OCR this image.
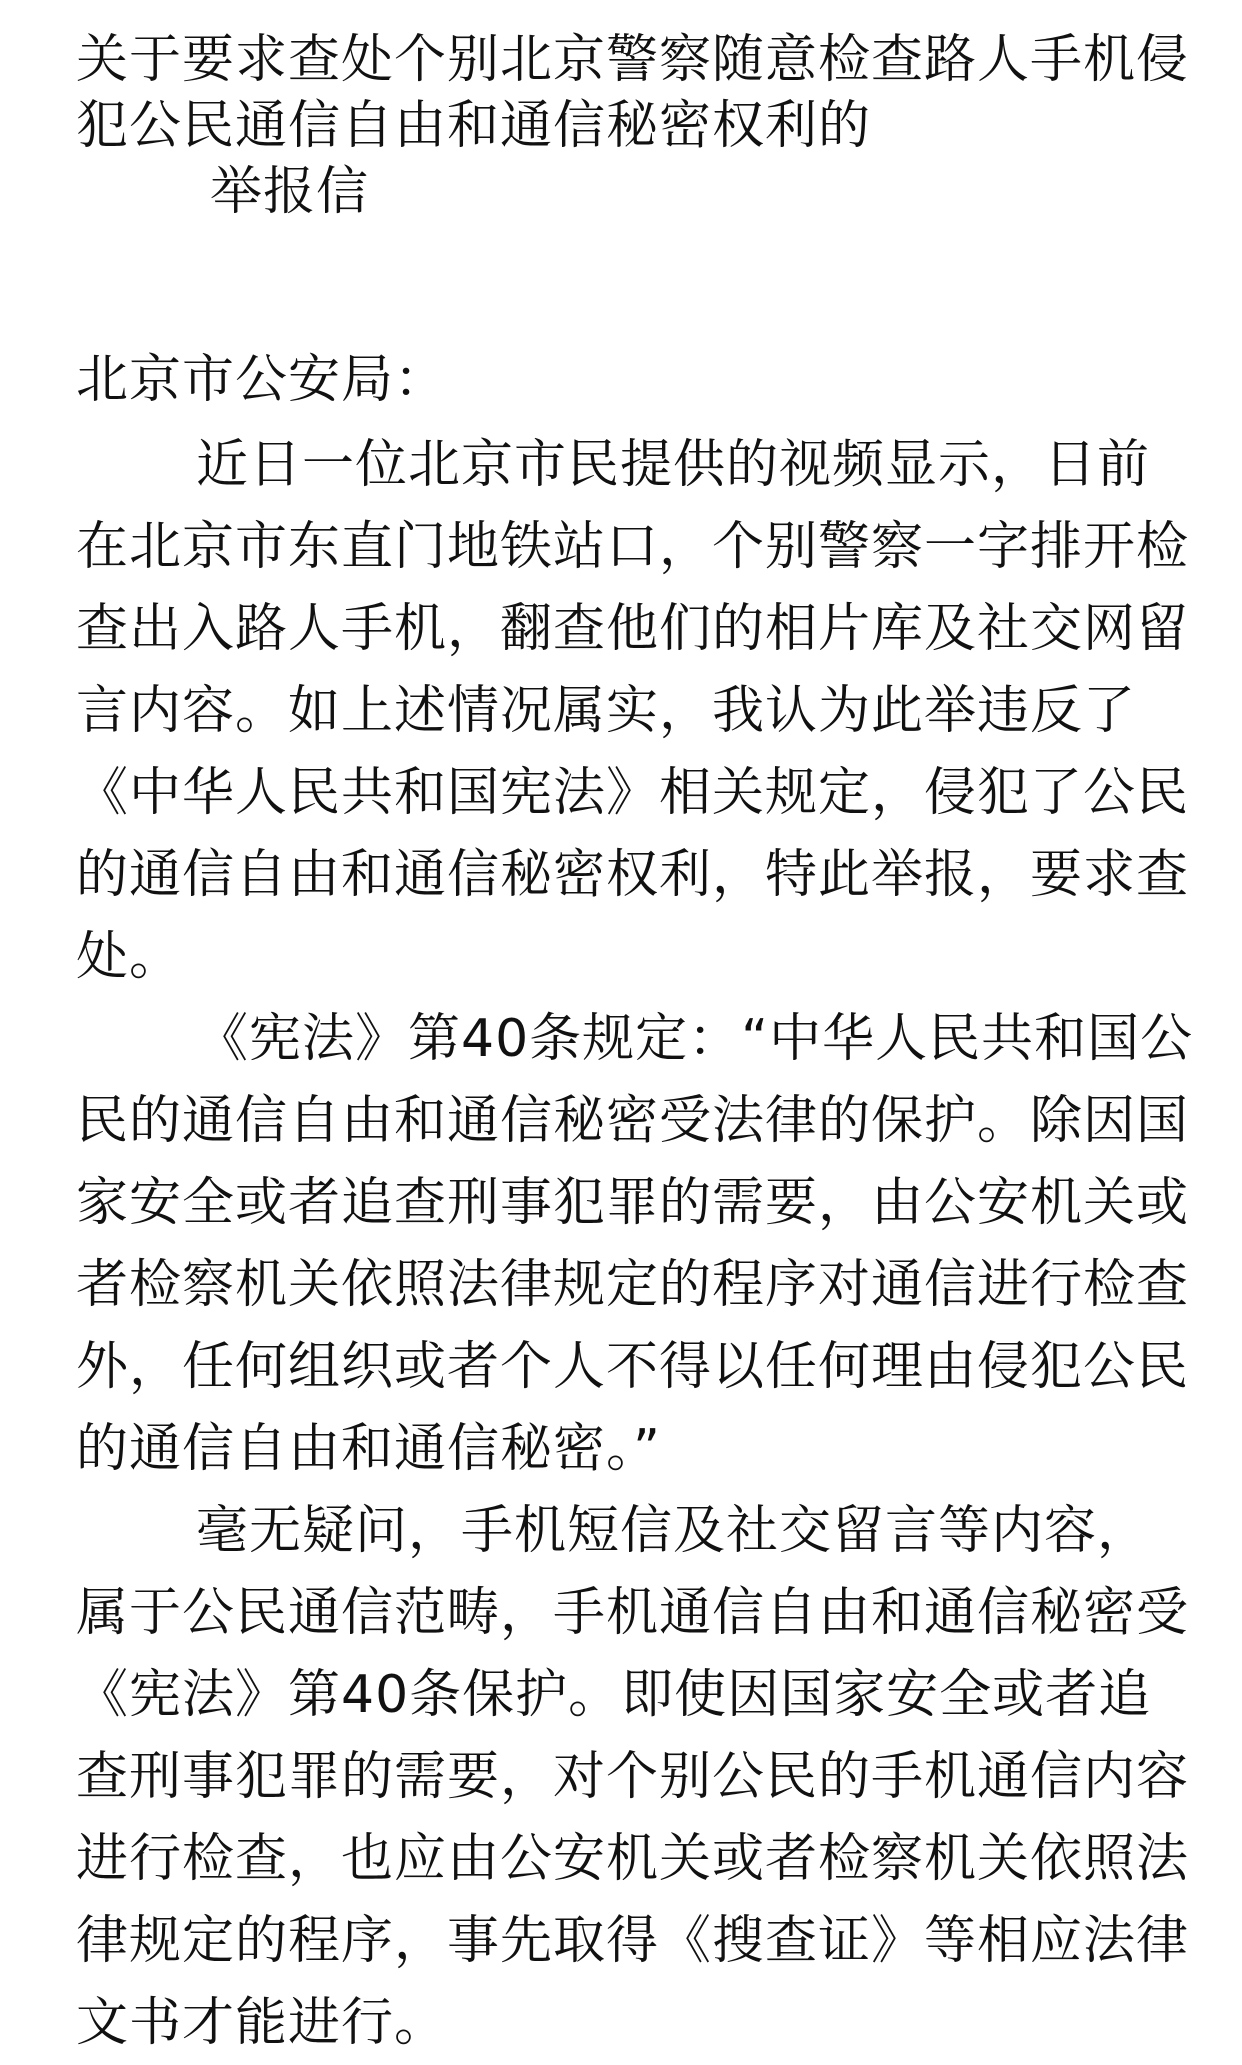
关于要求查处个别北京警察随意检查路人手机侵
犯公民通信自由和通信秘密权利的
举报信
北京市公安局：
近日一位北京市民提供的视频显示，日前
在北京市东直门地铁站口，个别警察一字排开检
查出入路人手机，翻查他们的相片库及社交网留
言内容。如上述情况属实，我认为此举违反了
《中华人民共和国宪法》相关规定，侵犯了公民
的通信自由和通信秘密权利，特此举报，要求查
处。
《宪法》第40条规定：“中华人民共和国公
民的通信自由和通信秘密受法律的保护。除因国
家安全或者追查刑事犯罪的需要，由公安机关或
者检察机关依照法律规定的程序对通信进行检查
外，任何组织或者个人不得以任何理由侵犯公民
的通信自由和通信秘密。”
毫无疑问，手机短信及社交留言等内容，
属于公民通信范畴，手机通信自由和通信秘密受
《宪法》第40条保护。即使因国家安全或者追
查刑事犯罪的需要，对个别公民的手机通信内容
进行检查，也应由公安机关或者检察机关依照法
律规定的程序，事先取得《搜查证》等相应法律
文书才能进行。
